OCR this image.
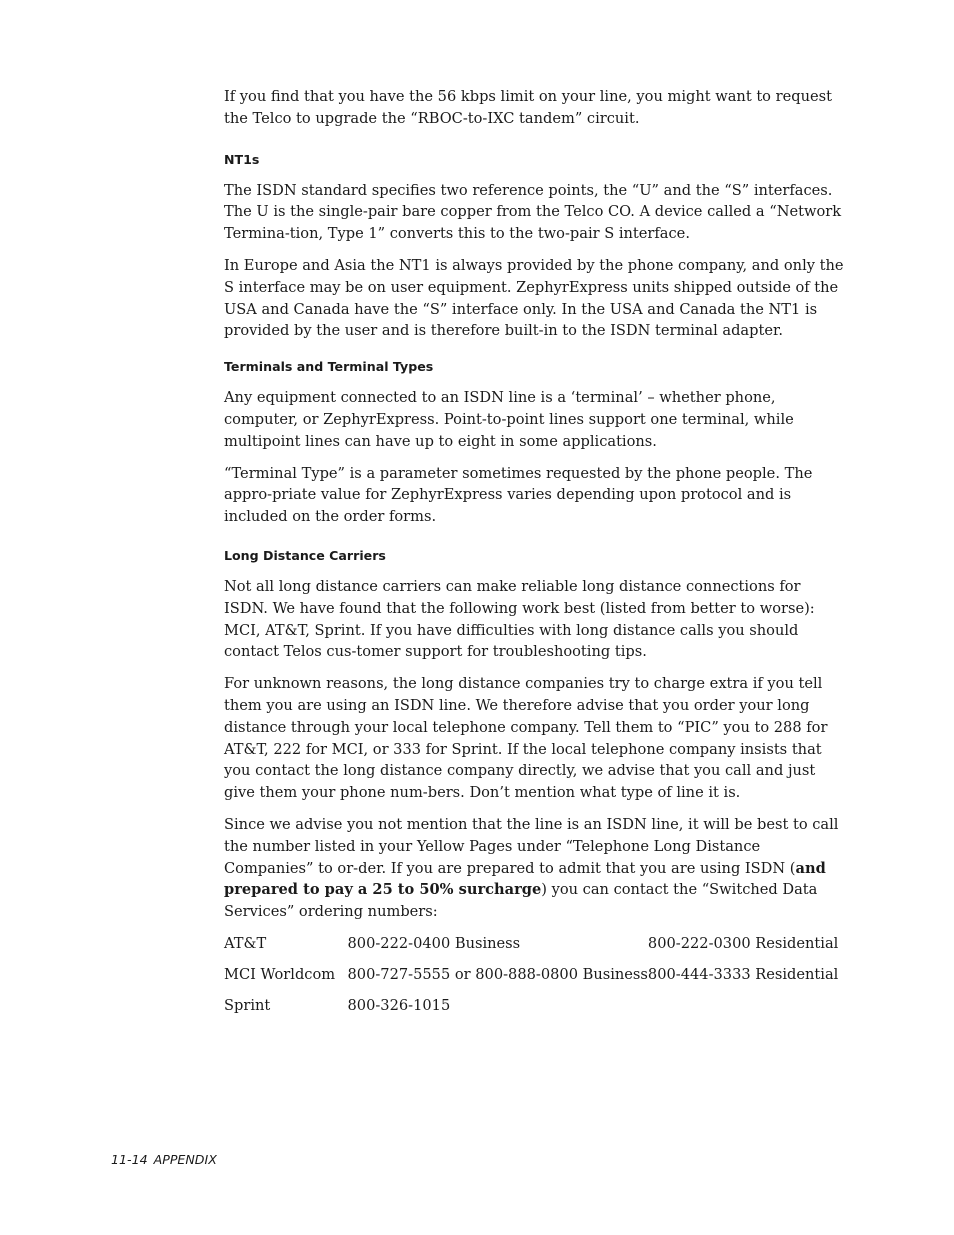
If you find that you have the 56 kbps limit on your line, you might want to request the Telco to upgrade the “RBOC-to-IXC tandem” circuit.

NT1s

The ISDN standard specifies two reference points, the “U” and the “S” interfaces. The U is the single-pair bare copper from the Telco CO. A device called a “Network Termina-tion, Type 1” converts this to the two-pair S interface.

In Europe and Asia the NT1 is always provided by the phone company, and only the S interface may be on user equipment. ZephyrExpress units shipped outside of the USA and Canada have the “S” interface only. In the USA and Canada the NT1 is provided by the user and is therefore built-in to the ISDN terminal adapter.

Terminals and Terminal Types

Any equipment connected to an ISDN line is a ‘terminal’ – whether phone, computer, or ZephyrExpress. Point-to-point lines support one terminal, while multipoint lines can have up to eight in some applications.

“Terminal Type” is a parameter sometimes requested by the phone people. The appro-priate value for ZephyrExpress varies depending upon protocol and is included on the order forms.

Long Distance Carriers

Not all long distance carriers can make reliable long distance connections for ISDN. We have found that the following work best (listed from better to worse): MCI, AT&T, Sprint. If you have difficulties with long distance calls you should contact Telos cus-tomer support for troubleshooting tips.

For unknown reasons, the long distance companies try to charge extra if you tell them you are using an ISDN line. We therefore advise that you order your long distance through your local telephone company. Tell them to “PIC” you to 288 for AT&T, 222 for MCI, or 333 for Sprint. If the local telephone company insists that you contact the long distance company directly, we advise that you call and just give them your phone num-bers. Don’t mention what type of line it is.

Since we advise you not mention that the line is an ISDN line, it will be best to call the number listed in your Yellow Pages under “Telephone Long Distance Companies” to or-der. If you are prepared to admit that you are using ISDN (and prepared to pay a 25 to 50% surcharge) you can contact the “Switched Data Services” ordering numbers:

AT&T	800-222-0400 Business	800-222-0300 Residential
MCI Worldcom	800-727-5555 or 800-888-0800 Business	800-444-3333 Residential
Sprint	800-326-1015	
11-14 APPENDIX
